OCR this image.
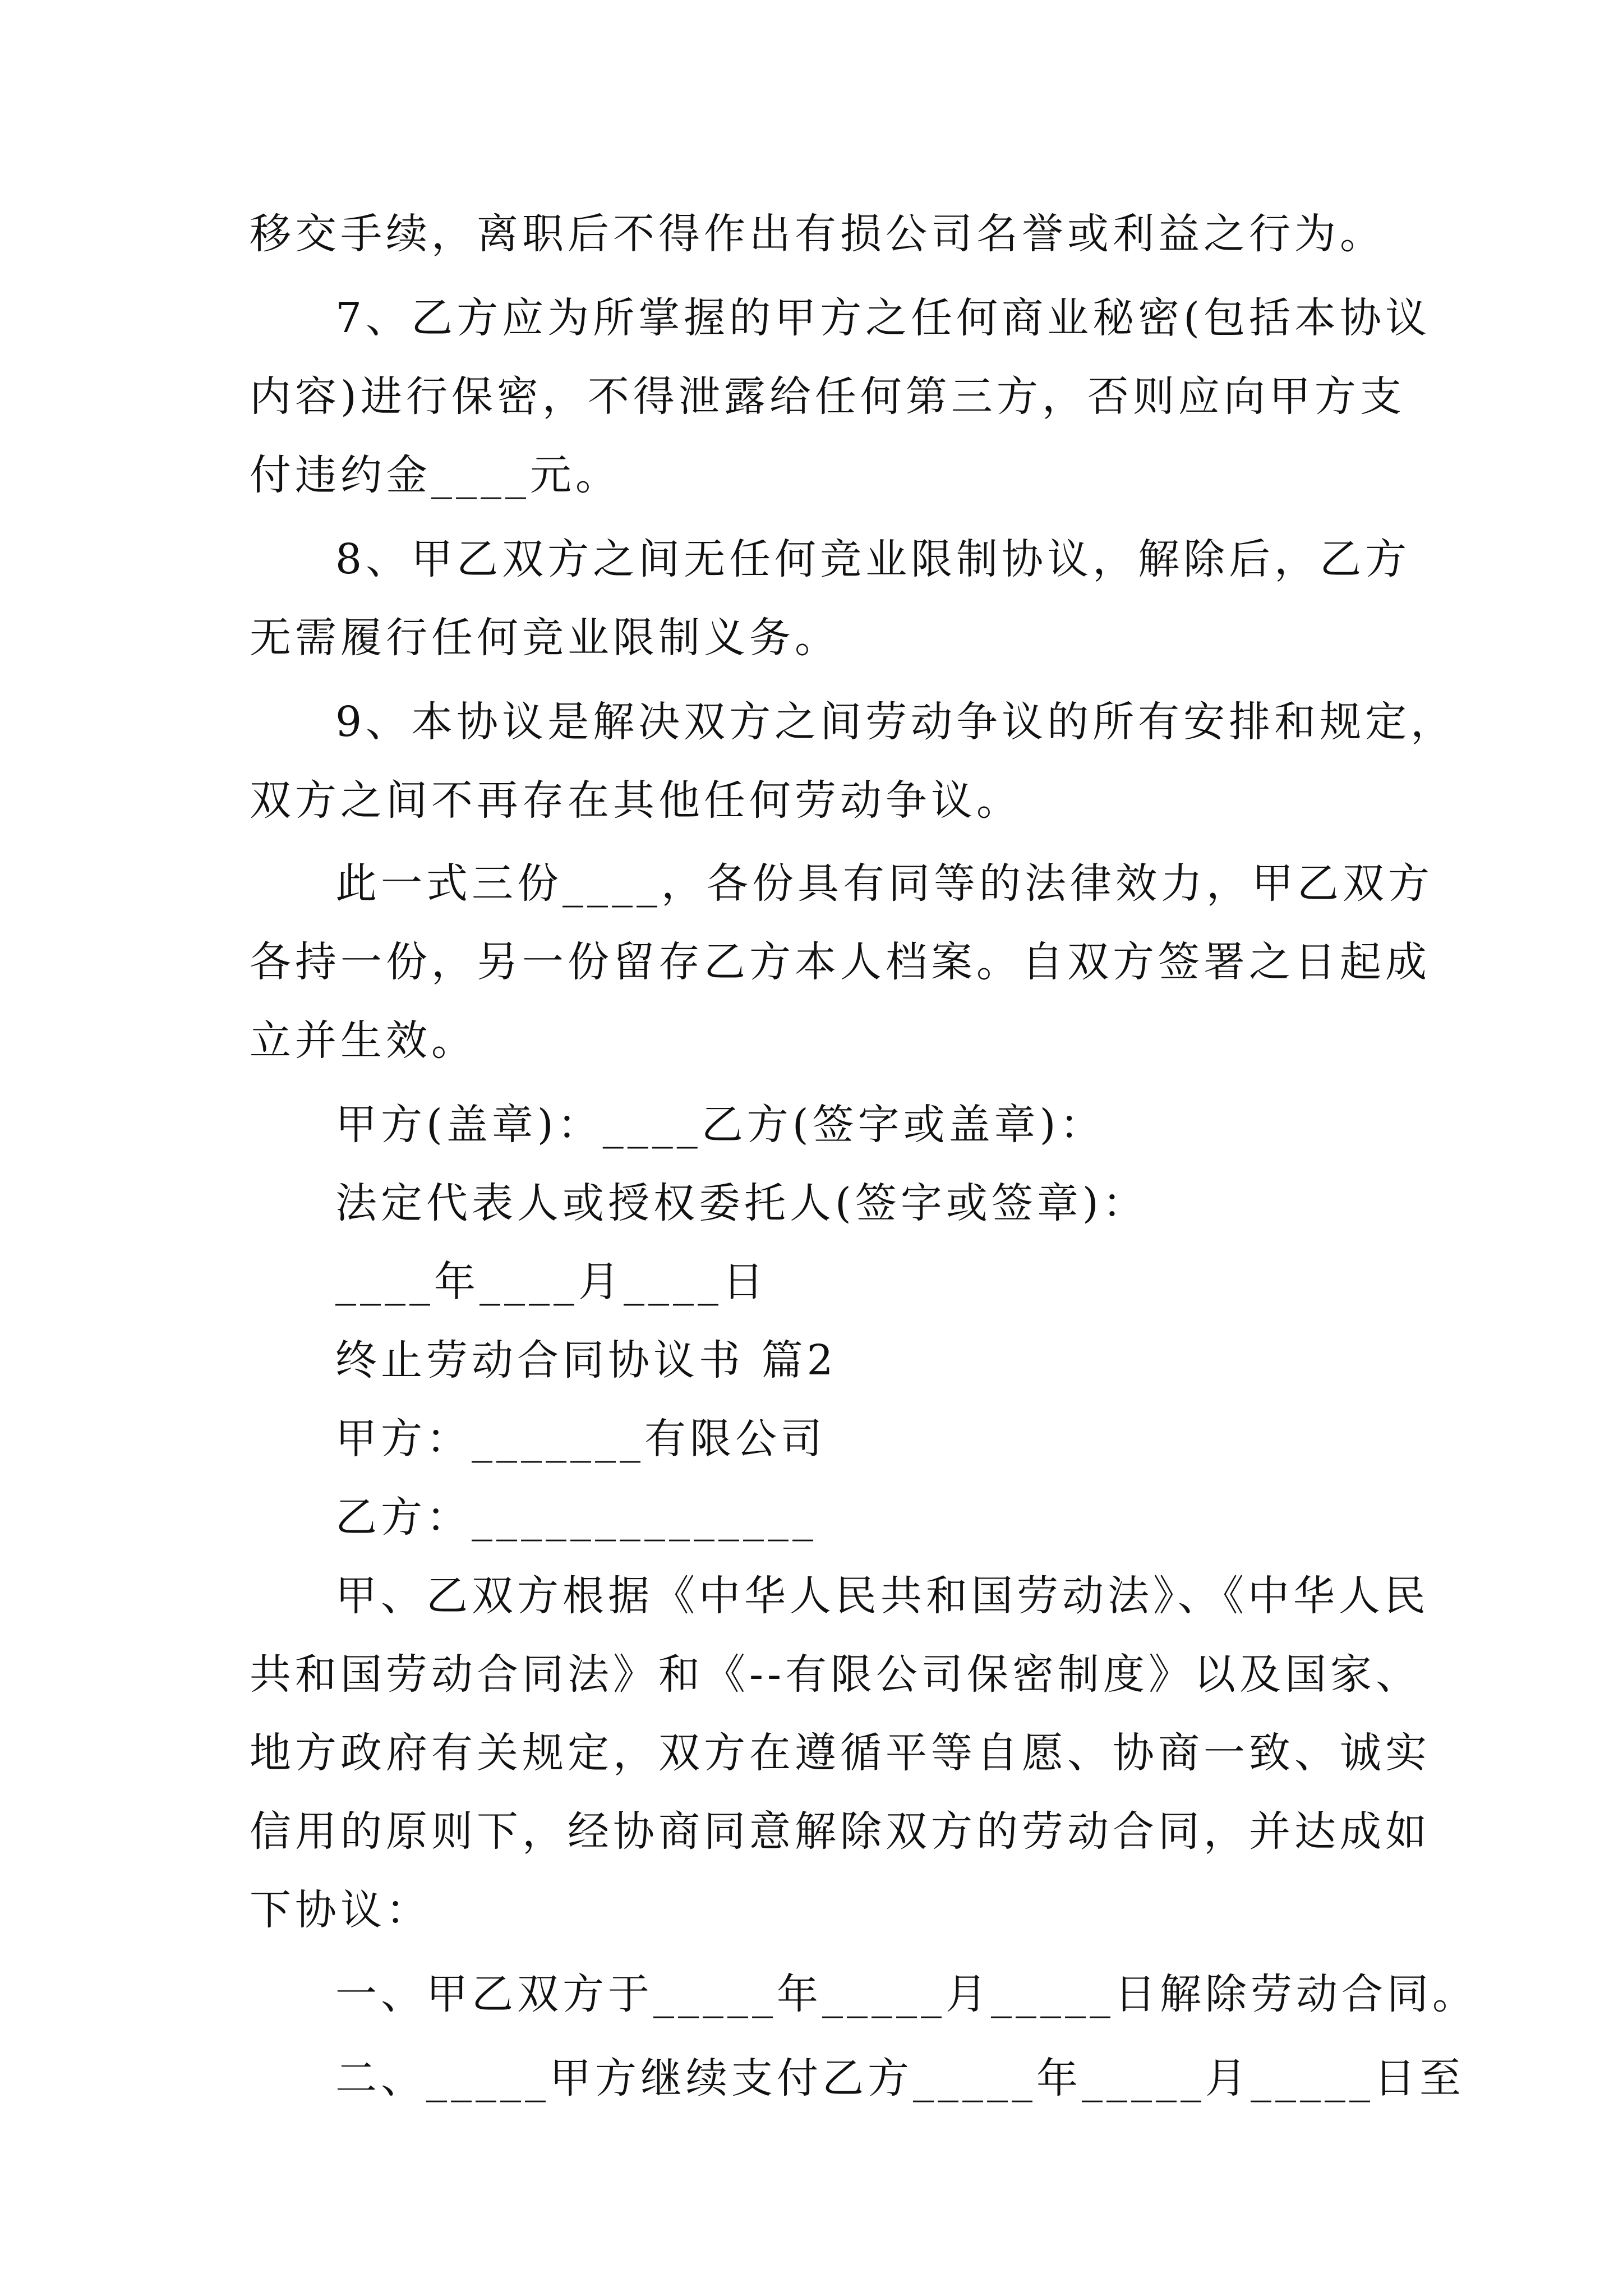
移交手续，离职后不得作出有损公司名誉或利益之行为。
7、乙方应为所掌握的甲方之任何商业秘密(包括本协议
内容)进行保密，不得泄露给任何第三方，否则应向甲方支
付违约金____元。
8、甲乙双方之间无任何竞业限制协议，解除后，乙方
无需履行任何竞业限制义务。
9、本协议是解决双方之间劳动争议的所有安排和规定，
双方之间不再存在其他任何劳动争议。
此一式三份____，各份具有同等的法律效力，甲乙双方
各持一份，另一份留存乙方本人档案。自双方签署之日起成
立并生效。
甲方(盖章)：____乙方(签字或盖章)：
法定代表人或授权委托人(签字或签章)：
____年____月____日
终止劳动合同协议书 篇2
甲方：_______有限公司
乙方：______________
甲、乙双方根据《中华人民共和国劳动法》、《中华人民
共和国劳动合同法》和《--有限公司保密制度》以及国家、
地方政府有关规定，双方在遵循平等自愿、协商一致、诚实
信用的原则下，经协商同意解除双方的劳动合同，并达成如
下协议：
一、甲乙双方于_____年_____月_____日解除劳动合同。
二、_____甲方继续支付乙方_____年_____月_____日至
